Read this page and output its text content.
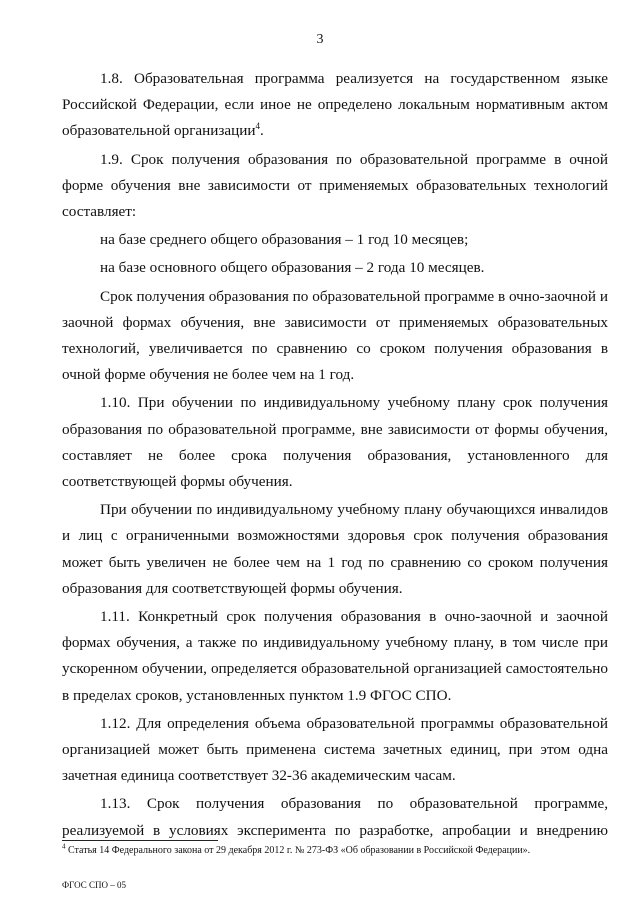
3

1.8. Образовательная программа реализуется на государственном языке Российской Федерации, если иное не определено локальным нормативным актом образовательной организации$^4$.

1.9. Срок получения образования по образовательной программе в очной форме обучения вне зависимости от применяемых образовательных технологий составляет:

на базе среднего общего образования – 1 год 10 месяцев;

на базе основного общего образования – 2 года 10 месяцев.

Срок получения образования по образовательной программе в очно-заочной и заочной формах обучения, вне зависимости от применяемых образовательных технологий, увеличивается по сравнению со сроком получения образования в очной форме обучения не более чем на 1 год.

1.10. При обучении по индивидуальному учебному плану срок получения образования по образовательной программе, вне зависимости от формы обучения, составляет не более срока получения образования, установленного для соответствующей формы обучения.

При обучении по индивидуальному учебному плану обучающихся инвалидов и лиц с ограниченными возможностями здоровья срок получения образования может быть увеличен не более чем на 1 год по сравнению со сроком получения образования для соответствующей формы обучения.

1.11. Конкретный срок получения образования в очно-заочной и заочной формах обучения, а также по индивидуальному учебному плану, в том числе при ускоренном обучении, определяется образовательной организацией самостоятельно в пределах сроков, установленных пунктом 1.9 ФГОС СПО.

1.12. Для определения объема образовательной программы образовательной организацией может быть применена система зачетных единиц, при этом одна зачетная единица соответствует 32-36 академическим часам.

1.13. Срок получения образования по образовательной программе, реализуемой в условиях эксперимента по разработке, апробации и внедрению

$^4$ Статья 14 Федерального закона от 29 декабря 2012 г. № 273-ФЗ «Об образовании в Российской Федерации».
ФГОС СПО – 05
